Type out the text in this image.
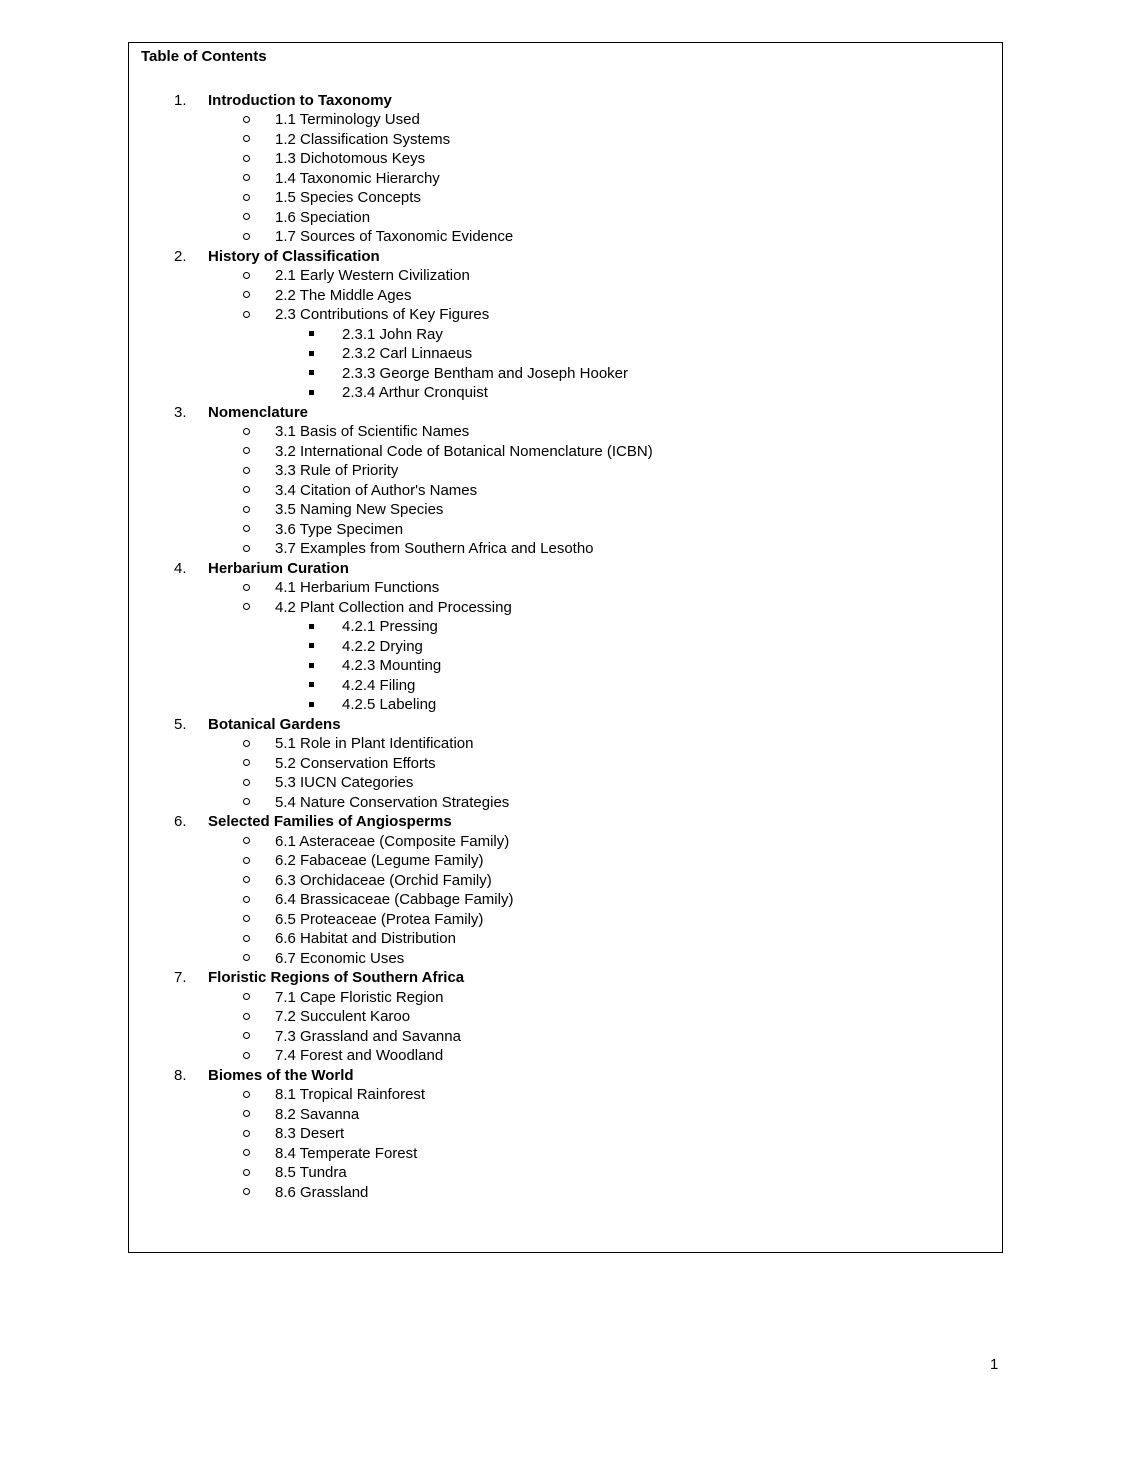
Table of Contents
1. Introduction to Taxonomy
1.1 Terminology Used
1.2 Classification Systems
1.3 Dichotomous Keys
1.4 Taxonomic Hierarchy
1.5 Species Concepts
1.6 Speciation
1.7 Sources of Taxonomic Evidence
2. History of Classification
2.1 Early Western Civilization
2.2 The Middle Ages
2.3 Contributions of Key Figures
2.3.1 John Ray
2.3.2 Carl Linnaeus
2.3.3 George Bentham and Joseph Hooker
2.3.4 Arthur Cronquist
3. Nomenclature
3.1 Basis of Scientific Names
3.2 International Code of Botanical Nomenclature (ICBN)
3.3 Rule of Priority
3.4 Citation of Author's Names
3.5 Naming New Species
3.6 Type Specimen
3.7 Examples from Southern Africa and Lesotho
4. Herbarium Curation
4.1 Herbarium Functions
4.2 Plant Collection and Processing
4.2.1 Pressing
4.2.2 Drying
4.2.3 Mounting
4.2.4 Filing
4.2.5 Labeling
5. Botanical Gardens
5.1 Role in Plant Identification
5.2 Conservation Efforts
5.3 IUCN Categories
5.4 Nature Conservation Strategies
6. Selected Families of Angiosperms
6.1 Asteraceae (Composite Family)
6.2 Fabaceae (Legume Family)
6.3 Orchidaceae (Orchid Family)
6.4 Brassicaceae (Cabbage Family)
6.5 Proteaceae (Protea Family)
6.6 Habitat and Distribution
6.7 Economic Uses
7. Floristic Regions of Southern Africa
7.1 Cape Floristic Region
7.2 Succulent Karoo
7.3 Grassland and Savanna
7.4 Forest and Woodland
8. Biomes of the World
8.1 Tropical Rainforest
8.2 Savanna
8.3 Desert
8.4 Temperate Forest
8.5 Tundra
8.6 Grassland
1
